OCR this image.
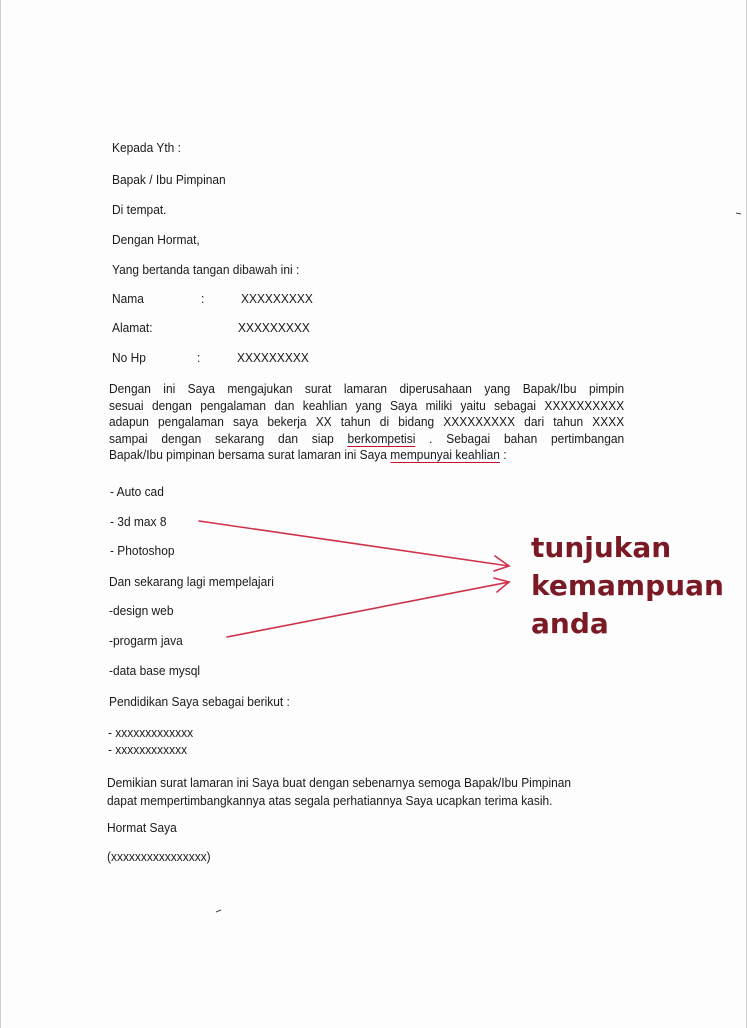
Kepada Yth :
Bapak / Ibu Pimpinan
Di tempat.
Dengan Hormat,
Yang bertanda tangan dibawah ini :
Nama	:	XXXXXXXXX
Alamat:	XXXXXXXXX
No Hp	:	XXXXXXXXX
Dengan ini Saya mengajukan surat lamaran diperusahaan yang Bapak/Ibu pimpin
sesuai dengan pengalaman dan keahlian yang Saya miliki yaitu sebagai XXXXXXXXXX
adapun pengalaman saya bekerja XX tahun di bidang XXXXXXXXX dari tahun XXXX
sampai dengan sekarang dan siap berkompetisi . Sebagai bahan pertimbangan
Bapak/Ibu pimpinan bersama surat lamaran ini Saya mempunyai keahlian :
- Auto cad
- 3d max 8
- Photoshop
Dan sekarang lagi mempelajari
-design web
-progarm java
-data base mysql
Pendidikan Saya sebagai berikut :
- xxxxxxxxxxxxx
- xxxxxxxxxxxx
Demikian surat lamaran ini Saya buat dengan sebenarnya semoga Bapak/Ibu Pimpinan
dapat mempertimbangkannya atas segala perhatiannya Saya ucapkan terima kasih.
Hormat Saya
(xxxxxxxxxxxxxxxx)
tunjukan
kemampuan
anda
